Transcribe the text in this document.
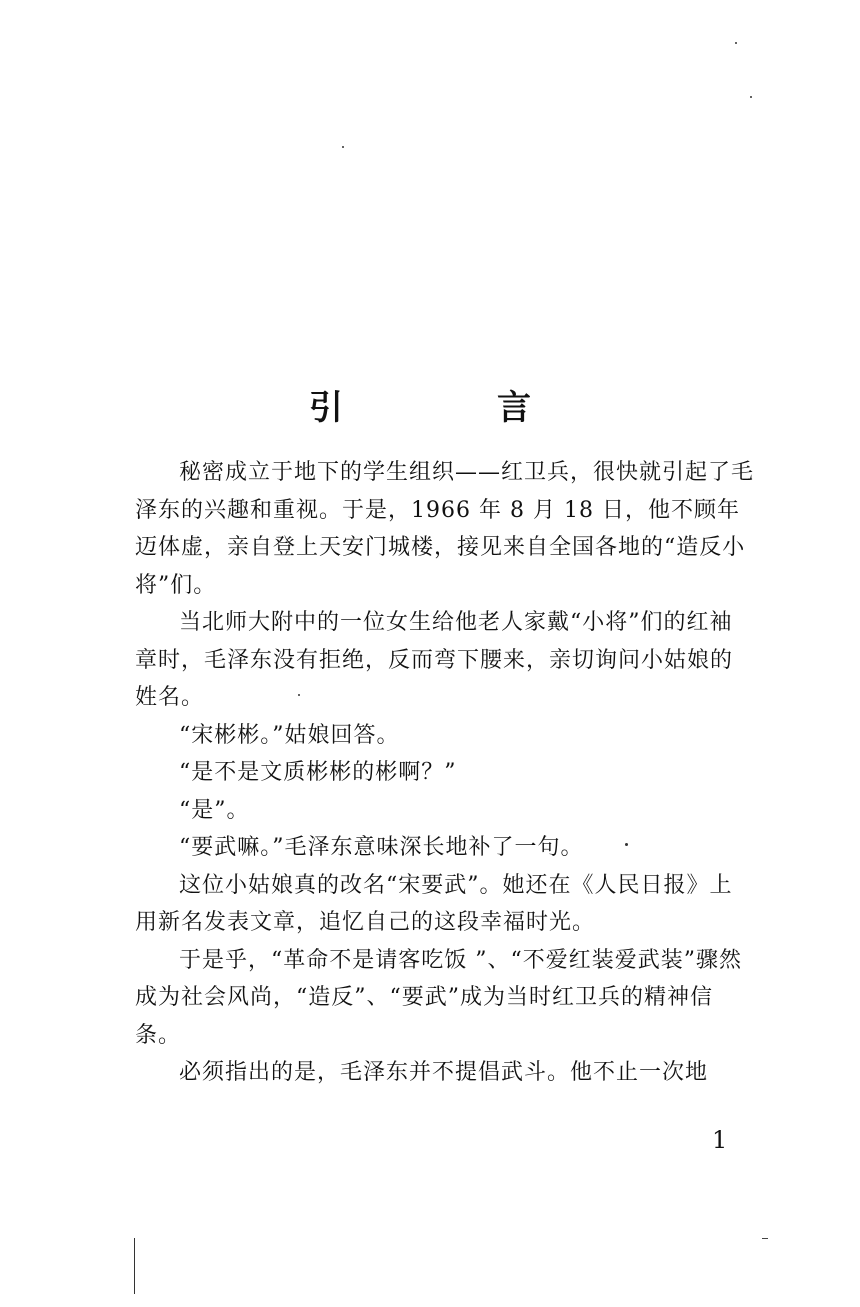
引　言

秘密成立于地下的学生组织——红卫兵，很快就引起了毛泽东的兴趣和重视。于是，1966 年 8 月 18 日，他不顾年迈体虚，亲自登上天安门城楼，接见来自全国各地的“造反小将”们。

当北师大附中的一位女生给他老人家戴“小将”们的红袖章时，毛泽东没有拒绝，反而弯下腰来，亲切询问小姑娘的姓名。

“宋彬彬。”姑娘回答。

“是不是文质彬彬的彬啊？”

“是”。

“要武嘛。”毛泽东意味深长地补了一句。

这位小姑娘真的改名“宋要武”。她还在《人民日报》上用新名发表文章，追忆自己的这段幸福时光。

于是乎，“革命不是请客吃饭 ”、“不爱红装爱武装”骤然成为社会风尚，“造反”、“要武”成为当时红卫兵的精神信条。

必须指出的是，毛泽东并不提倡武斗。他不止一次地

1
